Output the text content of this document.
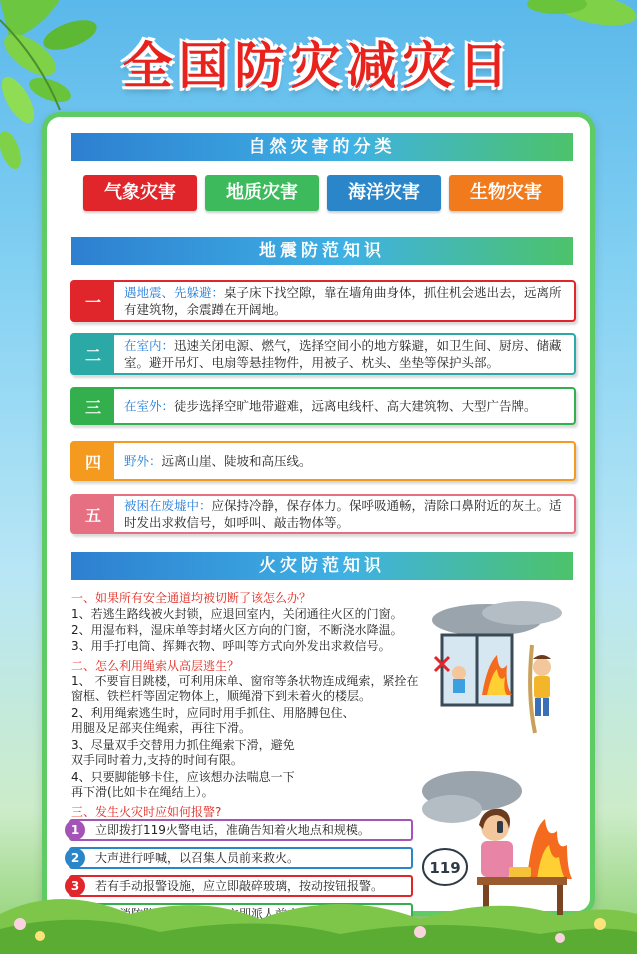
全国防灾减灾日
自然灾害的分类
气象灾害	地质灾害	海洋灾害	生物灾害
地震防范知识
一	遇地震、先躲避：桌子床下找空隙，靠在墙角曲身体，抓住机会逃出去，远离所有建筑物，余震蹲在开阔地。
二	在室内：迅速关闭电源、燃气，选择空间小的地方躲避，如卫生间、厨房、储藏室。避开吊灯、电扇等悬挂物件，用被子、枕头、坐垫等保护头部。
三	在室外：徒步选择空旷地带避难，远离电线杆、高大建筑物、大型广告牌。
四	野外：远离山崖、陡坡和高压线。
五	被困在废墟中：应保持冷静，保存体力。保呼吸通畅，清除口鼻附近的灰土。适时发出求救信号，如呼叫、敲击物体等。
火灾防范知识
一、如果所有安全通道均被切断了该怎么办？
1、若逃生路线被火封锁，应退回室内，关闭通往火区的门窗。
2、用湿布料，湿床单等封堵火区方向的门窗，不断浇水降温。
3、用手打电筒、挥舞衣物、呼叫等方式向外发出求救信号。
二、怎么利用绳索从高层逃生？
1、 不要盲目跳楼，可利用床单、窗帘等条状物连成绳索，紧拴在
窗框、铁栏杆等固定物体上，顺绳滑下到未着火的楼层。
2、利用绳索逃生时，应同时用手抓住、用胳膊包住、
用腿及足部夹住绳索，再往下滑。
3、尽量双手交替用力抓住绳索下滑，避免
双手同时着力,支持的时间有限。
4、只要脚能够卡住，应该想办法喘息一下
再下滑(比如卡在绳结上）。
三、发生火灾时应如何报警?
1	立即拨打119火警电话，准确告知着火地点和规模。
2	大声进行呼喊，以召集人员前来救火。
3	若有手动报警设施，应立即敲碎玻璃，按动按钮报警。
119
